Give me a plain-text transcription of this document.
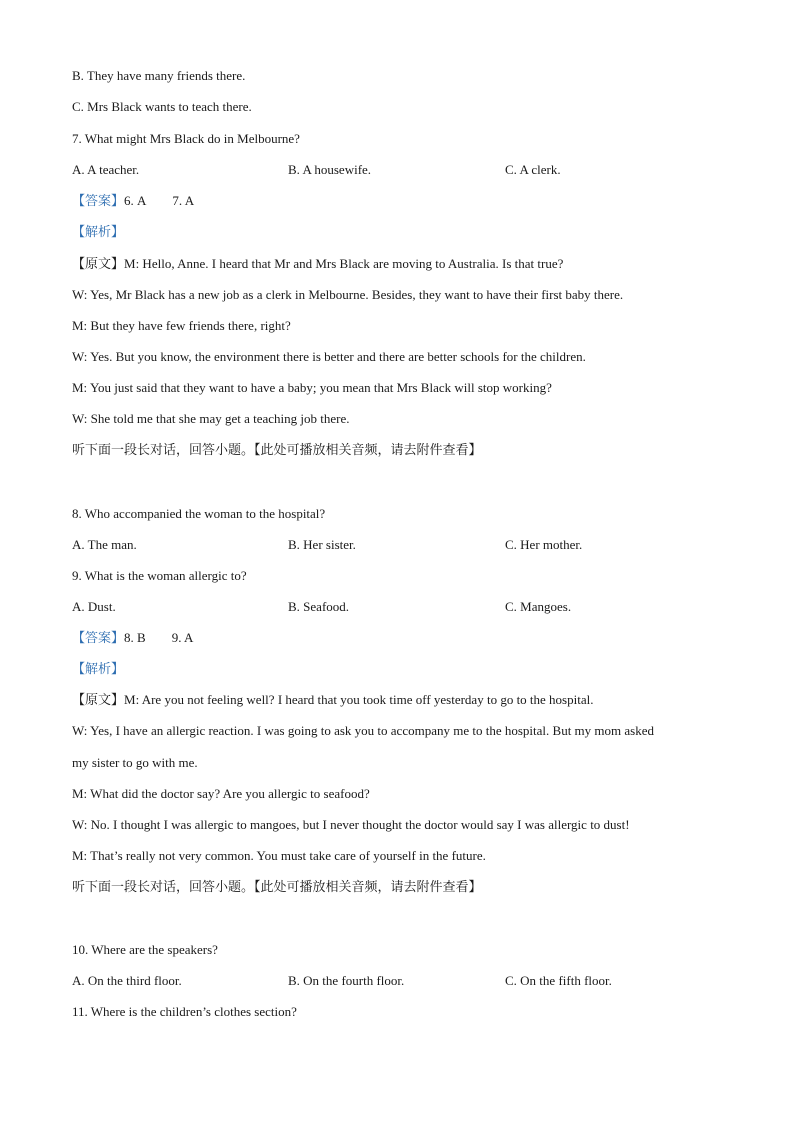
B. They have many friends there.
C. Mrs Black wants to teach there.
7. What might Mrs Black do in Melbourne?
A. A teacher.	B. A housewife.	C. A clerk.
【答案】6. A 7. A
【解析】
【原文】M: Hello, Anne. I heard that Mr and Mrs Black are moving to Australia. Is that true?
W: Yes, Mr Black has a new job as a clerk in Melbourne. Besides, they want to have their first baby there.
M: But they have few friends there, right?
W: Yes. But you know, the environment there is better and there are better schools for the children.
M: You just said that they want to have a baby; you mean that Mrs Black will stop working?
W: She told me that she may get a teaching job there.
听下面一段长对话，回答小题。【此处可播放相关音频，请去附件查看】
8. Who accompanied the woman to the hospital?
A. The man.	B. Her sister.	C. Her mother.
9. What is the woman allergic to?
A. Dust.	B. Seafood.	C. Mangoes.
【答案】8. B 9. A
【解析】
【原文】M: Are you not feeling well? I heard that you took time off yesterday to go to the hospital.
W: Yes, I have an allergic reaction. I was going to ask you to accompany me to the hospital. But my mom asked
my sister to go with me.
M: What did the doctor say? Are you allergic to seafood?
W: No. I thought I was allergic to mangoes, but I never thought the doctor would say I was allergic to dust!
M: That’s really not very common. You must take care of yourself in the future.
听下面一段长对话，回答小题。【此处可播放相关音频，请去附件查看】
10. Where are the speakers?
A. On the third floor.	B. On the fourth floor.	C. On the fifth floor.
11. Where is the children’s clothes section?
